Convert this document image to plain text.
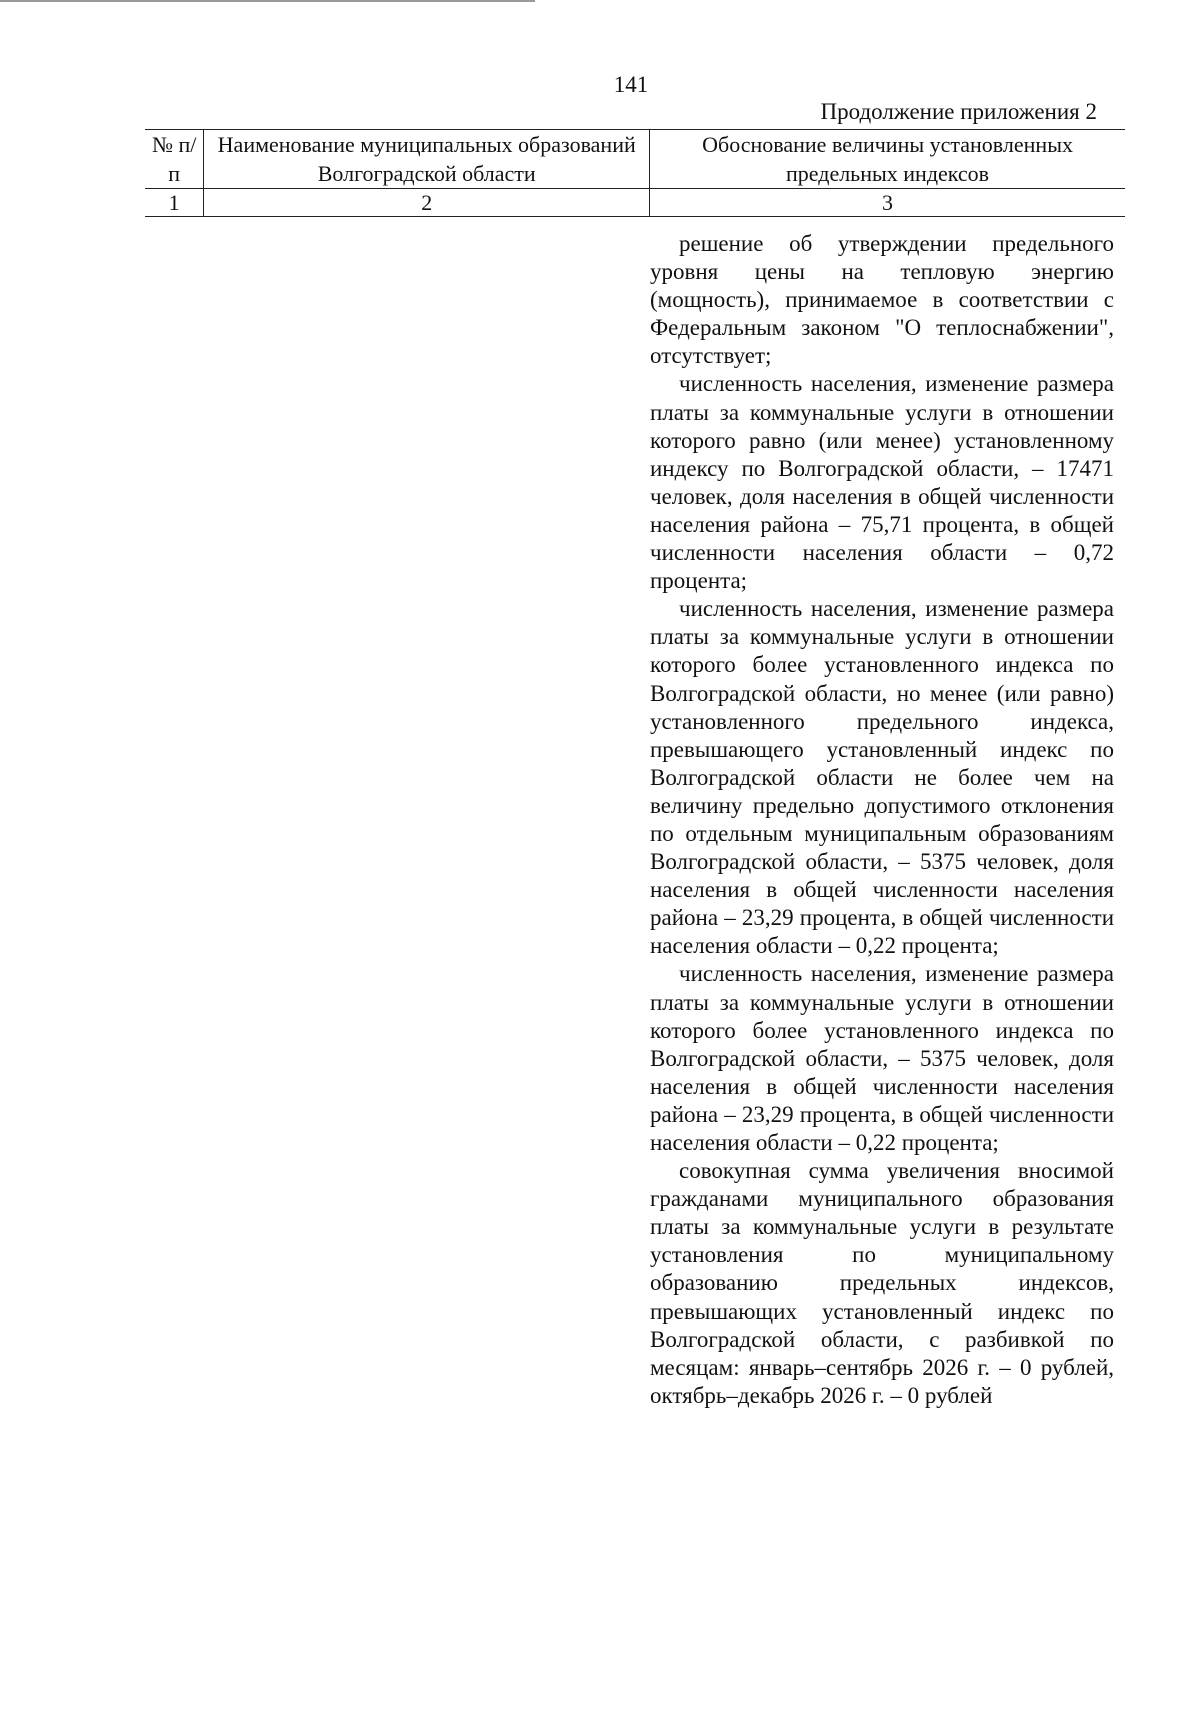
141
Продолжение приложения 2
№ п/п	Наименование муниципальных образований Волгоградской области	Обоснование величины установленных предельных индексов
1	2	3

решение об утверждении предельного уровня цены на тепловую энергию (мощность), принимаемое в соответствии с Федеральным законом "О теплоснабжении", отсутствует;

численность населения, изменение размера платы за коммунальные услуги в отношении которого равно (или менее) установленному индексу по Волгоградской области, – 17471 человек, доля населения в общей численности населения района – 75,71 процента, в общей численности населения области – 0,72 процента;

численность населения, изменение размера платы за коммунальные услуги в отношении которого более установленного индекса по Волгоградской области, но менее (или равно) установленного предельного индекса, превышающего установленный индекс по Волгоградской области не более чем на величину предельно допустимого отклонения по отдельным муниципальным образованиям Волгоградской области, – 5375 человек, доля населения в общей численности населения района – 23,29 процента, в общей численности населения области – 0,22 процента;

численность населения, изменение размера платы за коммунальные услуги в отношении которого более установленного индекса по Волгоградской области, – 5375 человек, доля населения в общей численности населения района – 23,29 процента, в общей численности населения области – 0,22 процента;

совокупная сумма увеличения вносимой гражданами муниципального образования платы за коммунальные услуги в результате установления по муниципальному образованию предельных индексов, превышающих установленный индекс по Волгоградской области, с разбивкой по месяцам: январь–сентябрь 2026 г. – 0 рублей, октябрь–декабрь 2026 г. – 0 рублей
